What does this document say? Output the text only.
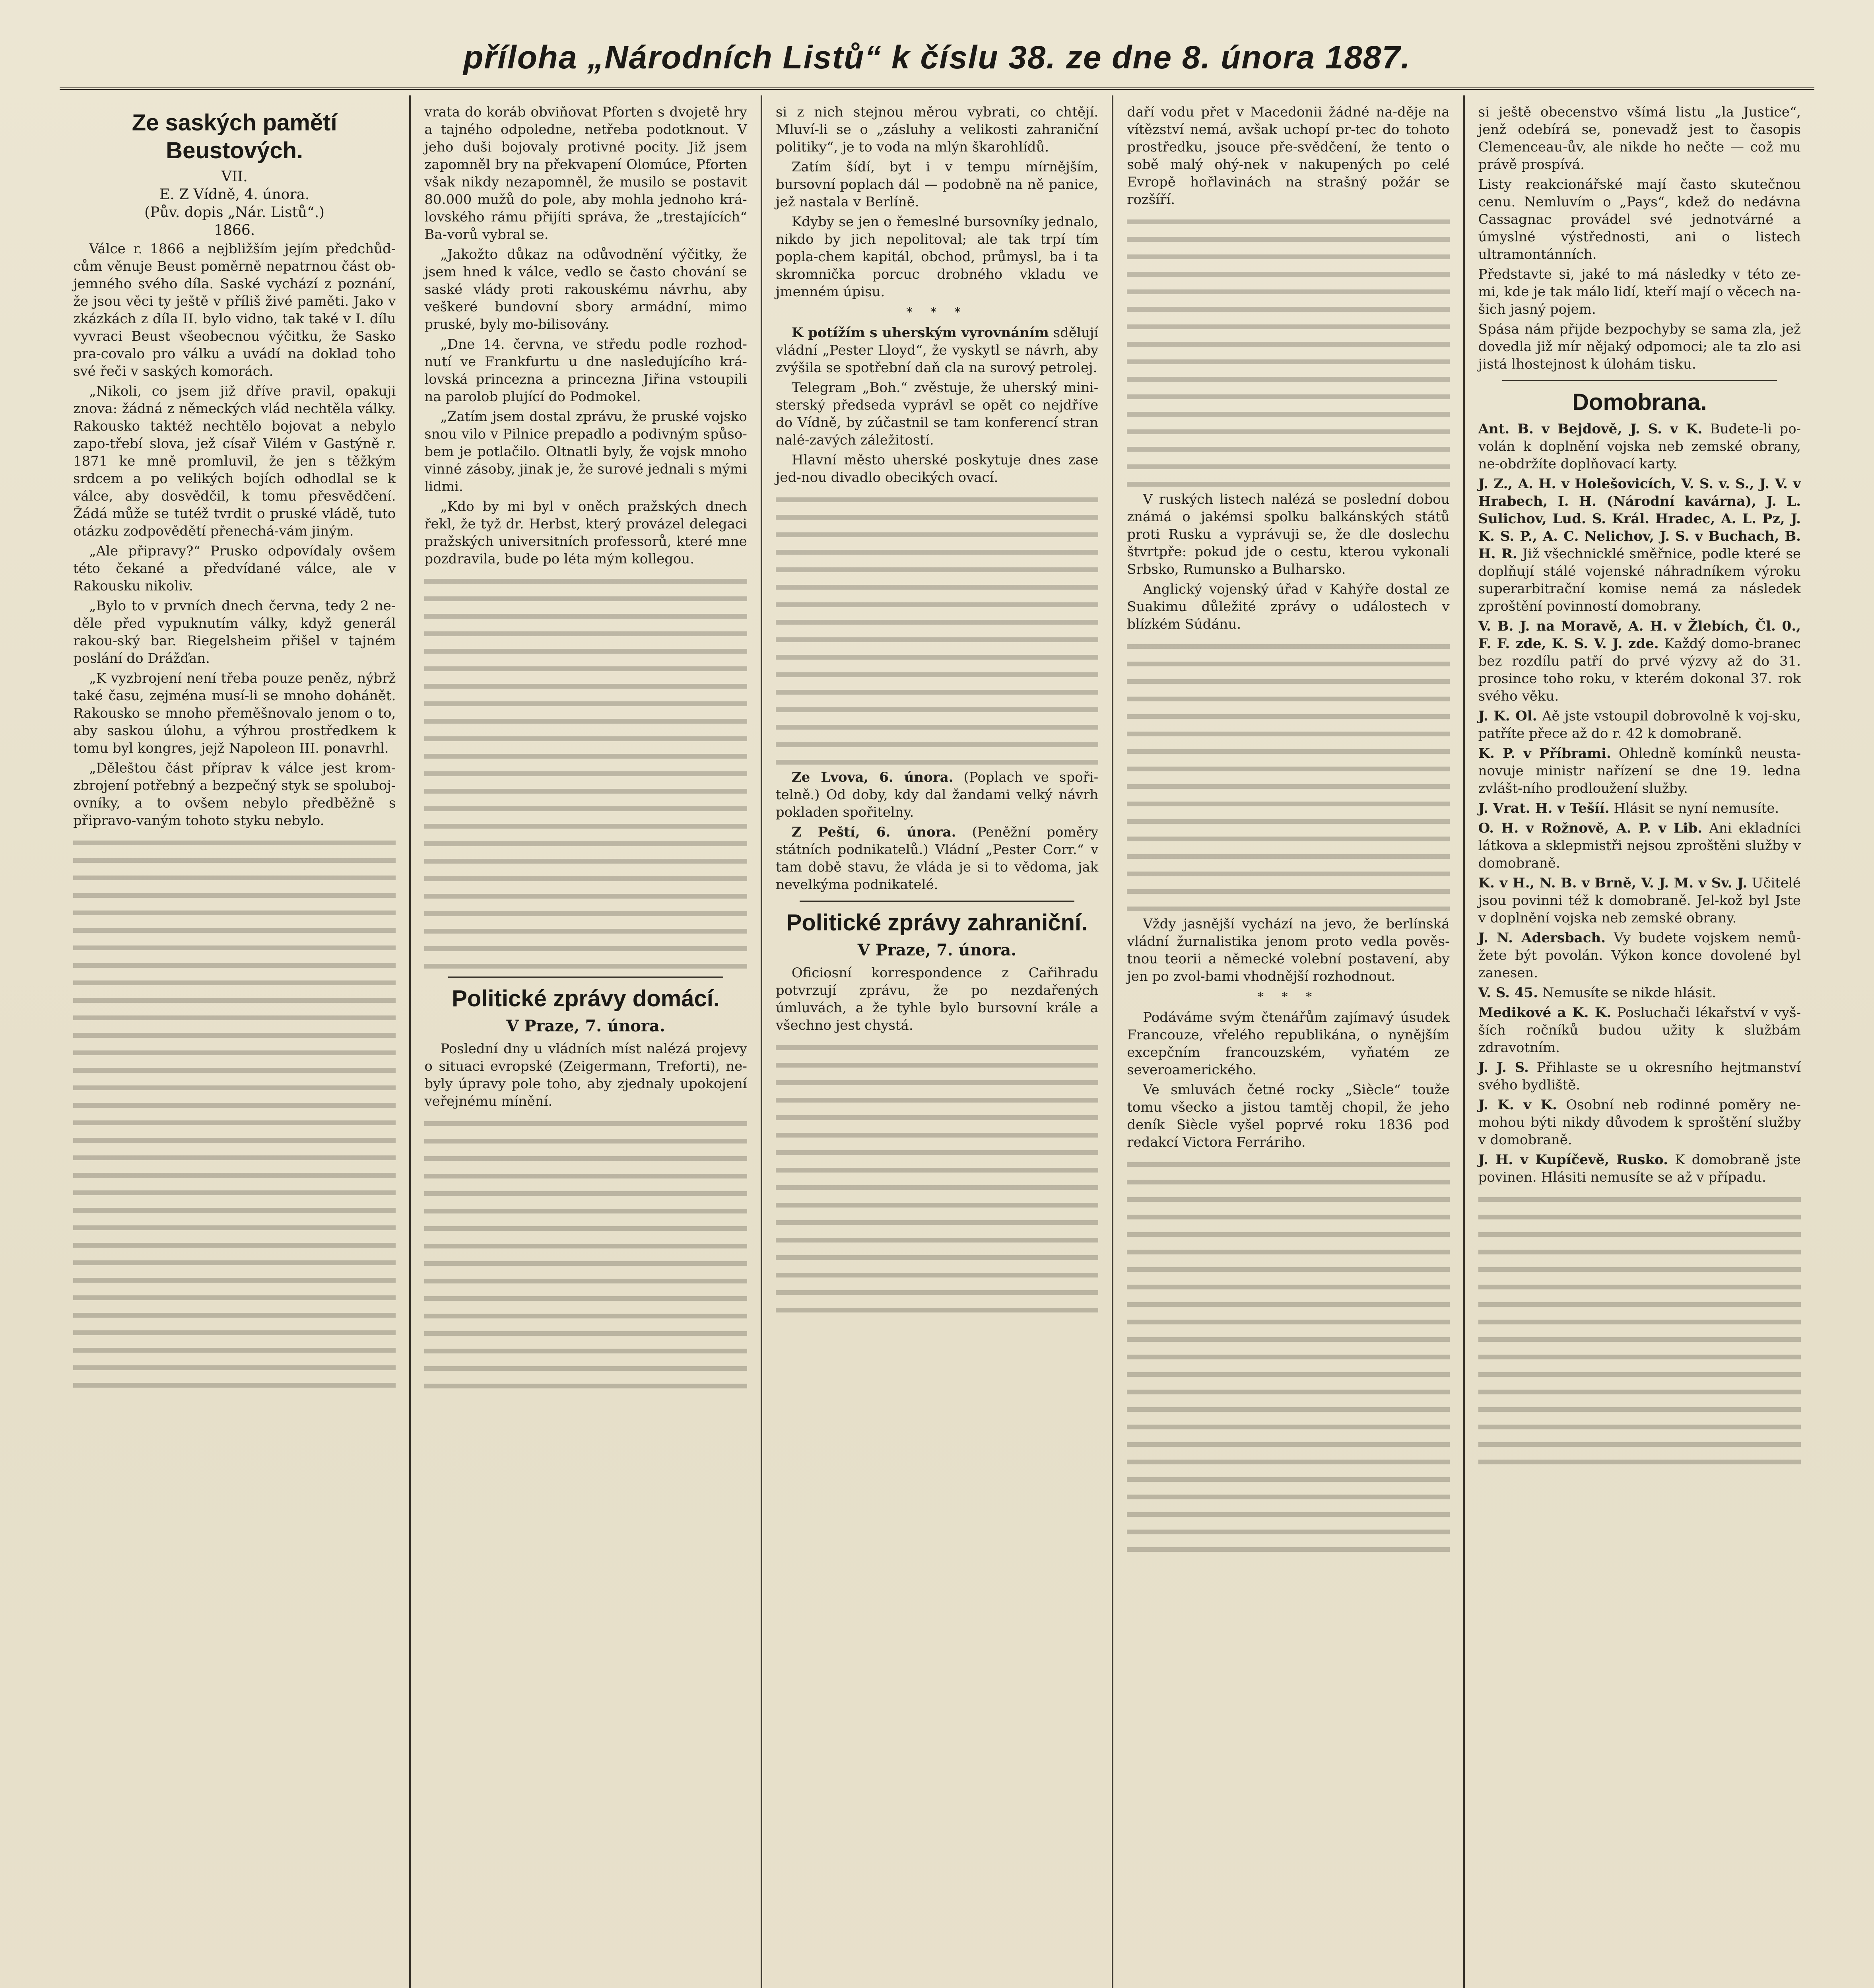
příloha „Národních Listů“ k číslu 38. ze dne 8. února 1887.
Ze saských pamětí Beustových.
VII.
E. Z Vídně, 4. února.
(Pův. dopis „Nár. Listů“.)
1866.

Válce r. 1866 a nejbližším jejím předchůd-cům věnuje Beust poměrně nepatrnou část ob-jemného svého díla. Saské vychází z poznání, že jsou věci ty ještě v příliš živé paměti. Jako v zkázkách z díla II. bylo vidno, tak také v I. dílu vyvraci Beust všeobecnou výčitku, že Sasko pra-covalo pro válku a uvádí na doklad toho své řeči v saských komorách.

„Nikoli, co jsem již dříve pravil, opakuji znova: žádná z německých vlád nechtěla války. Rakousko taktéž nechtělo bojovat a nebylo zapo-třebí slova, jež císař Vilém v Gastýně r. 1871 ke mně promluvil, že jen s těžkým srdcem a po velikých bojích odhodlal se k válce, aby dosvědčil, k tomu přesvědčení. Žádá může se tutéž tvrdit o pruské vládě, tuto otázku zodpovědětí přenechá-vám jiným.

„Ale připravy?“ Prusko odpovídaly ovšem této čekané a předvídané válce, ale v Rakousku nikoliv.

„Bylo to v prvních dnech června, tedy 2 ne-děle před vypuknutím války, když generál rakou-ský bar. Riegelsheim přišel v tajném poslání do Drážďan.

„K vyzbrojení není třeba pouze peněz, nýbrž také času, zejména musí-li se mnoho dohánět. Rakousko se mnoho přeměšnovalo jenom o to, aby saskou úlohu, a výhrou prostředkem k tomu byl kongres, jejž Napoleon III. ponavrhl.

„Děleštou část příprav k válce jest krom-zbrojení potřebný a bezpečný styk se spoluboj-ovníky, a to ovšem nebylo předběžně s připravo-vaným tohoto styku nebylo.

vrata do koráb obviňovat Pforten s dvojetě hry a tajného odpoledne, netřeba podotknout. V jeho duši bojovaly protivné pocity. Již jsem zapomněl bry na překvapení Olomúce, Pforten však nikdy nezapomněl, že musilo se postavit 80.000 mužů do pole, aby mohla jednoho krá-lovského rámu přijíti správa, že „trestajících“ Ba-vorů vybral se.

„Jakožto důkaz na odůvodnění výčitky, že jsem hned k válce, vedlo se často chování se saské vlády proti rakouskému návrhu, aby veškeré bundovní sbory armádní, mimo pruské, byly mo-bilisovány.

„Dne 14. června, ve středu podle rozhod-nutí ve Frankfurtu u dne nasledujícího krá-lovská princezna a princezna Jiřina vstoupili na parolob plující do Podmokel.

„Zatím jsem dostal zprávu, že pruské vojsko snou vilo v Pilnice prepadlo a podivným spůso-bem je potlačilo. Oltnatli byly, že vojsk mnoho vinné zásoby, jinak je, že surové jednali s mými lidmi.

„Kdo by mi byl v oněch pražských dnech řekl, že tyž dr. Herbst, který provázel delegaci pražských universitních professorů, které mne pozdravila, bude po léta mým kollegou.

Politické zprávy domácí.
V Praze, 7. února.

Poslední dny u vládních míst nalézá projevy o situaci evropské (Zeigermann, Treforti), ne-byly úpravy pole toho, aby zjednaly upokojení veřejnému mínění.

si z nich stejnou měrou vybrati, co chtějí. Mluví-li se o „zásluhy a velikosti zahraniční politiky“, je to voda na mlýn škarohlídů.

Zatím šídí, byt i v tempu mírnějším, bursovní poplach dál — podobně na ně panice, jež nastala v Berlíně.

Kdyby se jen o řemeslné bursovníky jednalo, nikdo by jich nepolitoval; ale tak trpí tím popla-chem kapitál, obchod, průmysl, ba i ta skromnička porcuc drobného vkladu ve jmenném úpisu.

* * *

K potížím s uherským vyrovnáním sdělují vládní „Pester Lloyd“, že vyskytl se návrh, aby zvýšila se spotřební daň cla na surový petrolej.

Telegram „Boh.“ zvěstuje, že uherský mini-sterský předseda vyprávl se opět co nejdříve do Vídně, by zúčastnil se tam konferencí stran nalé-zavých záležitostí.

Hlavní město uherské poskytuje dnes zase jed-nou divadlo obecikých ovací.

Ze Lvova, 6. února. (Poplach ve spoři-telně.) Od doby, kdy dal žandami velký návrh pokladen spořitelny.

Z Peští, 6. února. (Peněžní poměry státních podnikatelů.) Vládní „Pester Corr.“ v tam době stavu, že vláda je si to vědoma, jak nevelkýma podnikatelé.

Politické zprávy zahraniční.
V Praze, 7. února.

Oficiosní korrespondence z Cařihradu potvrzují zprávu, že po nezdařených úmluvách, a že tyhle bylo bursovní krále a všechno jest chystá.

daří vodu přet v Macedonii žádné na-děje na vítězství nemá, avšak uchopí pr-tec do tohoto prostředku, jsouce pře-svědčení, že tento o sobě malý ohý-nek v nakupených po celé Evropě hořlavinách na strašný požár se rozšíří.

V ruských listech nalézá se poslední dobou známá o jakémsi spolku balkánských států proti Rusku a vyprávuji se, že dle doslechu štvrtpře: pokud jde o cestu, kterou vykonali Srbsko, Rumunsko a Bulharsko.

Anglický vojenský úřad v Kahýře dostal ze Suakimu důležité zprávy o událostech v blízkém Súdánu.

Vždy jasnější vychází na jevo, že berlínská vládní žurnalistika jenom proto vedla pověs-tnou teorii a německé volební postavení, aby jen po zvol-bami vhodnější rozhodnout.

* * *

Podáváme svým čtenářům zajímavý úsudek Francouze, vřelého republikána, o nynějším excepčním francouzském, vyňatém ze severoamerického.

Ve smluvách četné rocky „Siècle“ touže tomu všecko a jistou tamtěj chopil, že jeho deník Siècle vyšel poprvé roku 1836 pod redakcí Victora Ferráriho.

si ještě obecenstvo všímá listu „la Justice“, jenž odebírá se, ponevadž jest to časopis Clemenceau-ův, ale nikde ho nečte — což mu právě prospívá.

Listy reakcionářské mají často skutečnou cenu. Nemluvím o „Pays“, kdež do nedávna Cassagnac provádel své jednotvárné a úmyslné výstřednosti, ani o listech ultramontánních.

Představte si, jaké to má následky v této ze-mi, kde je tak málo lidí, kteří mají o věcech na-šich jasný pojem.

Spása nám přijde bezpochyby se sama zla, jež dovedla již mír nějaký odpomoci; ale ta zlo asi jistá lhostejnost k úlohám tisku.

Domobrana.

Ant. B. v Bejdově, J. S. v K. Budete-li po-volán k doplnění vojska neb zemské obrany, ne-obdržíte doplňovací karty.

J. Z., A. H. v Holešovicích, V. S. v. S., J. V. v Hrabech, I. H. (Národní kavárna), J. L. Sulichov, Lud. S. Král. Hradec, A. L. Pz, J. K. S. P., A. C. Nelichov, J. S. v Buchach, B. H. R. Již všechnicklé směřnice, podle které se doplňují stálé vojenské náhradníkem výroku superarbitrační komise nemá za následek zproštění povinností domobrany.

V. B. J. na Moravě, A. H. v Žlebích, Čl. 0., F. F. zde, K. S. V. J. zde. Každý domo-branec bez rozdílu patří do prvé výzvy až do 31. prosince toho roku, v kterém dokonal 37. rok svého věku.

J. K. Ol. Aě jste vstoupil dobrovolně k voj-sku, patříte přece až do r. 42 k domobraně.

K. P. v Příbrami. Ohledně komínků neusta-novuje ministr nařízení se dne 19. ledna zvlášt-ního prodloužení služby.

J. Vrat. H. v Tešíí. Hlásit se nyní nemusíte.

O. H. v Rožnově, A. P. v Lib. Ani ekladníci látkova a sklepmistři nejsou zproštěni služby v domobraně.

K. v H., N. B. v Brně, V. J. M. v Sv. J. Učitelé jsou povinni též k domobraně. Jel-kož byl Jste v doplnění vojska neb zemské obrany.

J. N. Adersbach. Vy budete vojskem nemů-žete být povolán. Výkon konce dovolené byl zanesen.

V. S. 45. Nemusíte se nikde hlásit.

Medikové a K. K. Posluchači lékařství v vyš-ších ročníků budou užity k službám zdravotním.

J. J. S. Přihlaste se u okresního hejtmanství svého bydliště.

J. K. v K. Osobní neb rodinné poměry ne-mohou býti nikdy důvodem k sproštění služby v domobraně.

J. H. v Kupíčevě, Rusko. K domobraně jste povinen. Hlásiti nemusíte se až v případu.
